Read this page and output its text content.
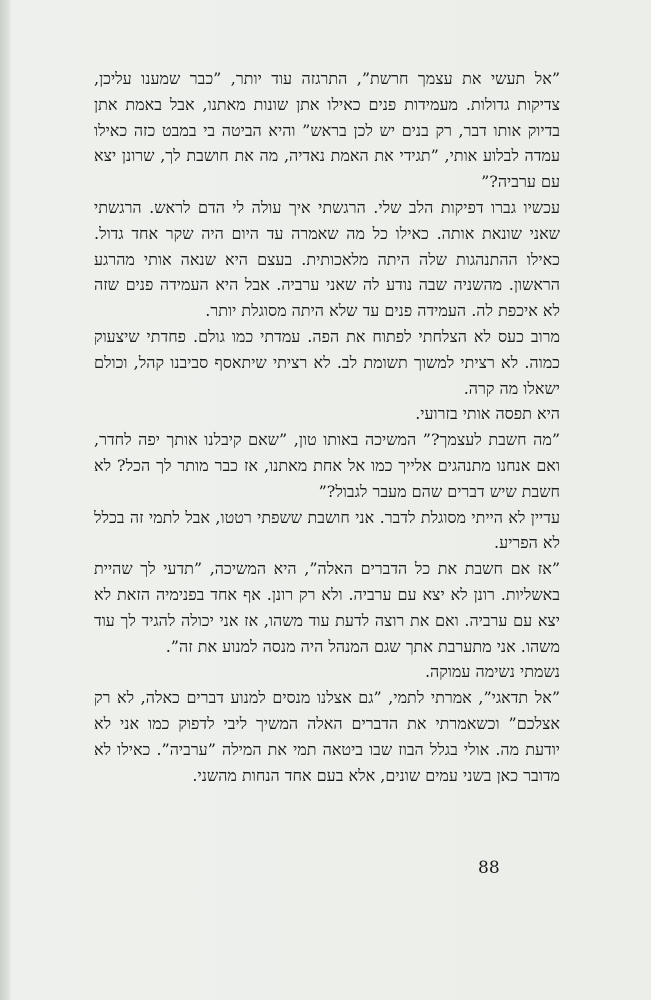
”אל תעשי את עצמך חרשת”, התרגזה עוד יותר, ”כבר שמענו עליכן, צדיקות גדולות. מעמידות פנים כאילו אתן שונות מאתנו, אבל באמת אתן בדיוק אותו דבר, רק בנים יש לכן בראש” והיא הביטה בי במבט כזה כאילו עמדה לבלוע אותי, ”תגידי את האמת נאדיה, מה את חושבת לך, שרונן יצא עם ערביה?”

עכשיו גברו דפיקות הלב שלי. הרגשתי איך עולה לי הדם לראש. הרגשתי שאני שונאת אותה. כאילו כל מה שאמרה עד היום היה שקר אחד גדול. כאילו ההתנהגות שלה היתה מלאכותית. בעצם היא שנאה אותי מהרגע הראשון. מהשניה שבה נודע לה שאני ערביה. אבל היא העמידה פנים שזה לא איכפת לה. העמידה פנים עד שלא היתה מסוגלת יותר.

מרוב כעס לא הצלחתי לפתוח את הפה. עמדתי כמו גולם. פחדתי שיצעוק כמוה. לא רציתי למשוך תשומת לב. לא רציתי שיתאסף סביבנו קהל, וכולם ישאלו מה קרה.

היא תפסה אותי בזרועי.

”מה חשבת לעצמך?” המשיכה באותו טון, ”שאם קיבלנו אותך יפה לחדר, ואם אנחנו מתנהגים אלייך כמו אל אחת מאתנו, אז כבר מותר לך הכל? לא חשבת שיש דברים שהם מעבר לגבול?”

עדיין לא הייתי מסוגלת לדבר. אני חושבת ששפתי רטטו, אבל לתמי זה בכלל לא הפריע.

”אז אם חשבת את כל הדברים האלה”, היא המשיכה, ”תדעי לך שהיית באשליות. רונן לא יצא עם ערביה. ולא רק רונן. אף אחד בפנימיה הזאת לא יצא עם ערביה. ואם את רוצה לדעת עוד משהו, אז אני יכולה להגיד לך עוד משהו. אני מתערבת אתך שגם המנהל היה מנסה למנוע את זה”.

נשמתי נשימה עמוקה.

”אל תדאגי”, אמרתי לתמי, ”גם אצלנו מנסים למנוע דברים כאלה, לא רק אצלכם” וכשאמרתי את הדברים האלה המשיך ליבי לדפוק כמו אני לא יודעת מה. אולי בגלל הבוז שבו ביטאה תמי את המילה ”ערביה”. כאילו לא מדובר כאן בשני עמים שונים, אלא בעם אחד הנחות מהשני.

88
